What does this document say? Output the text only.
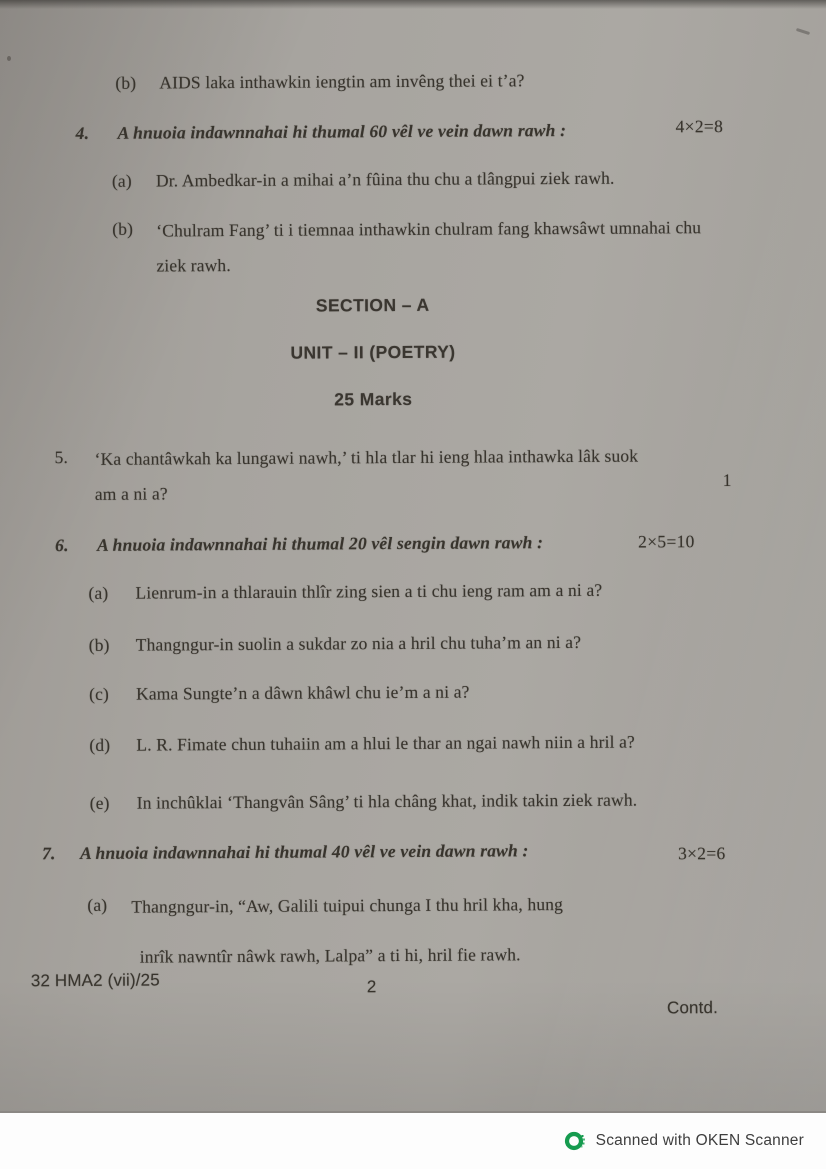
(b)	AIDS laka inthawkin iengtin am invêng thei ei t’a?
4.	A hnuoia indawnnahai hi thumal 60 vêl ve vein dawn rawh :	4×2=8
(a)	Dr. Ambedkar-in a mihai a’n fûina thu chu a tlângpui ziek rawh.
(b)	‘Chulram Fang’ ti i tiemnaa inthawkin chulram fang khawsâwt umnahai chu
ziek rawh.
SECTION – A
UNIT – II (POETRY)
25 Marks
5.	‘Ka chantâwkah ka lungawi nawh,’ ti hla tlar hi ieng hlaa inthawka lâk suok
am a ni a?
1
6.	A hnuoia indawnnahai hi thumal 20 vêl sengin dawn rawh :	2×5=10
(a)	Lienrum-in a thlarauin thlîr zing sien a ti chu ieng ram am a ni a?
(b)	Thangngur-in suolin a sukdar zo nia a hril chu tuha’m an ni a?
(c)	Kama Sungte’n a dâwn khâwl chu ie’m a ni a?
(d)	L. R. Fimate chun tuhaiin am a hlui le thar an ngai nawh niin a hril a?
(e)	In inchûklai ‘Thangvân Sâng’ ti hla châng khat, indik takin ziek rawh.
7.	A hnuoia indawnnahai hi thumal 40 vêl ve vein dawn rawh :	3×2=6
(a)	Thangngur-in, “Aw, Galili tuipui chunga I thu hril kha, hung
inrîk nawntîr nâwk rawh, Lalpa” a ti hi, hril fie rawh.
32 HMA2 (vii)/25	2
Contd.
Scanned with OKEN Scanner
